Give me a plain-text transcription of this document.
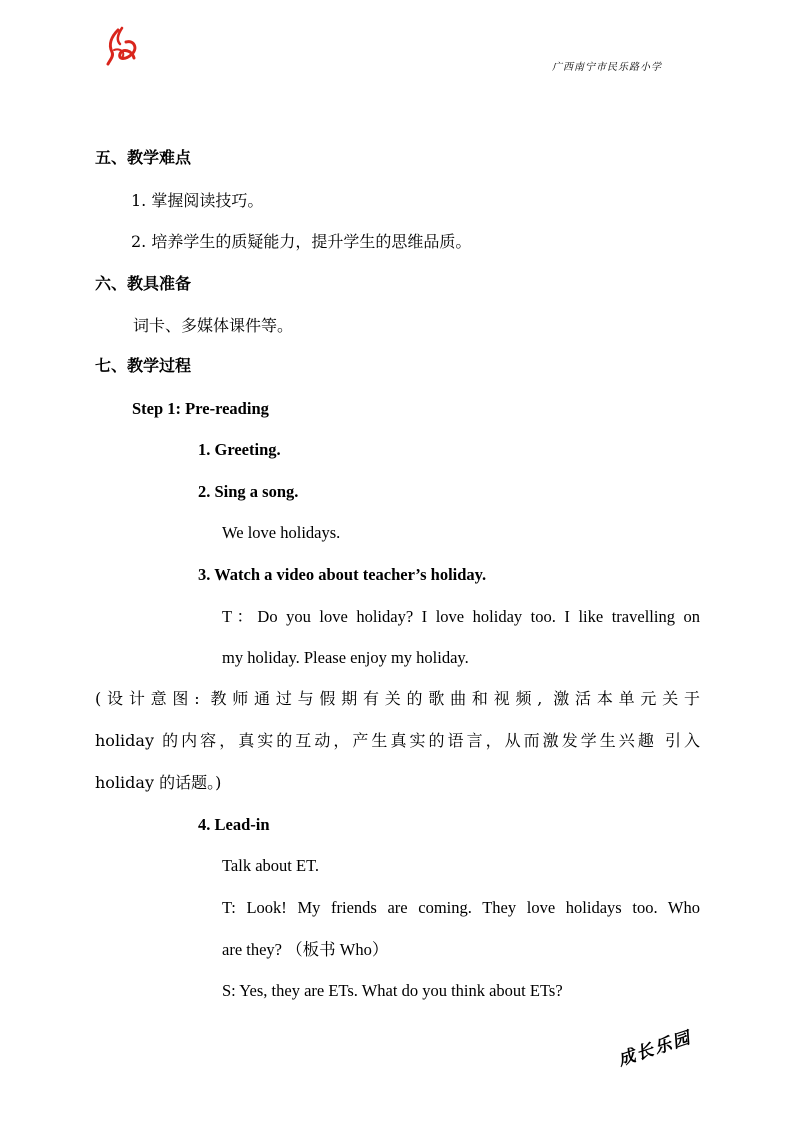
广西南宁市民乐路小学
五、教学难点
1. 掌握阅读技巧。
2. 培养学生的质疑能力，提升学生的思维品质。
六、教具准备
词卡、多媒体课件等。
七、教学过程
Step 1: Pre-reading
1. Greeting.
2. Sing a song.
We love holidays.
3. Watch a video about teacher’s holiday.
T：Do you love holiday? I love holiday too. I like travelling on
my holiday. Please enjoy my holiday.
(设计意图: 教师通过与假期有关的歌曲和视频, 激活本单元关于
holiday 的内容，真实的互动，产生真实的语言，从而激发学生兴趣 引入
holiday 的话题。)
4. Lead-in
Talk about ET.
T: Look! My friends are coming. They love holidays too. Who
are they? （板书 Who）
S: Yes, they are ETs. What do you think about ETs?
成长乐园
